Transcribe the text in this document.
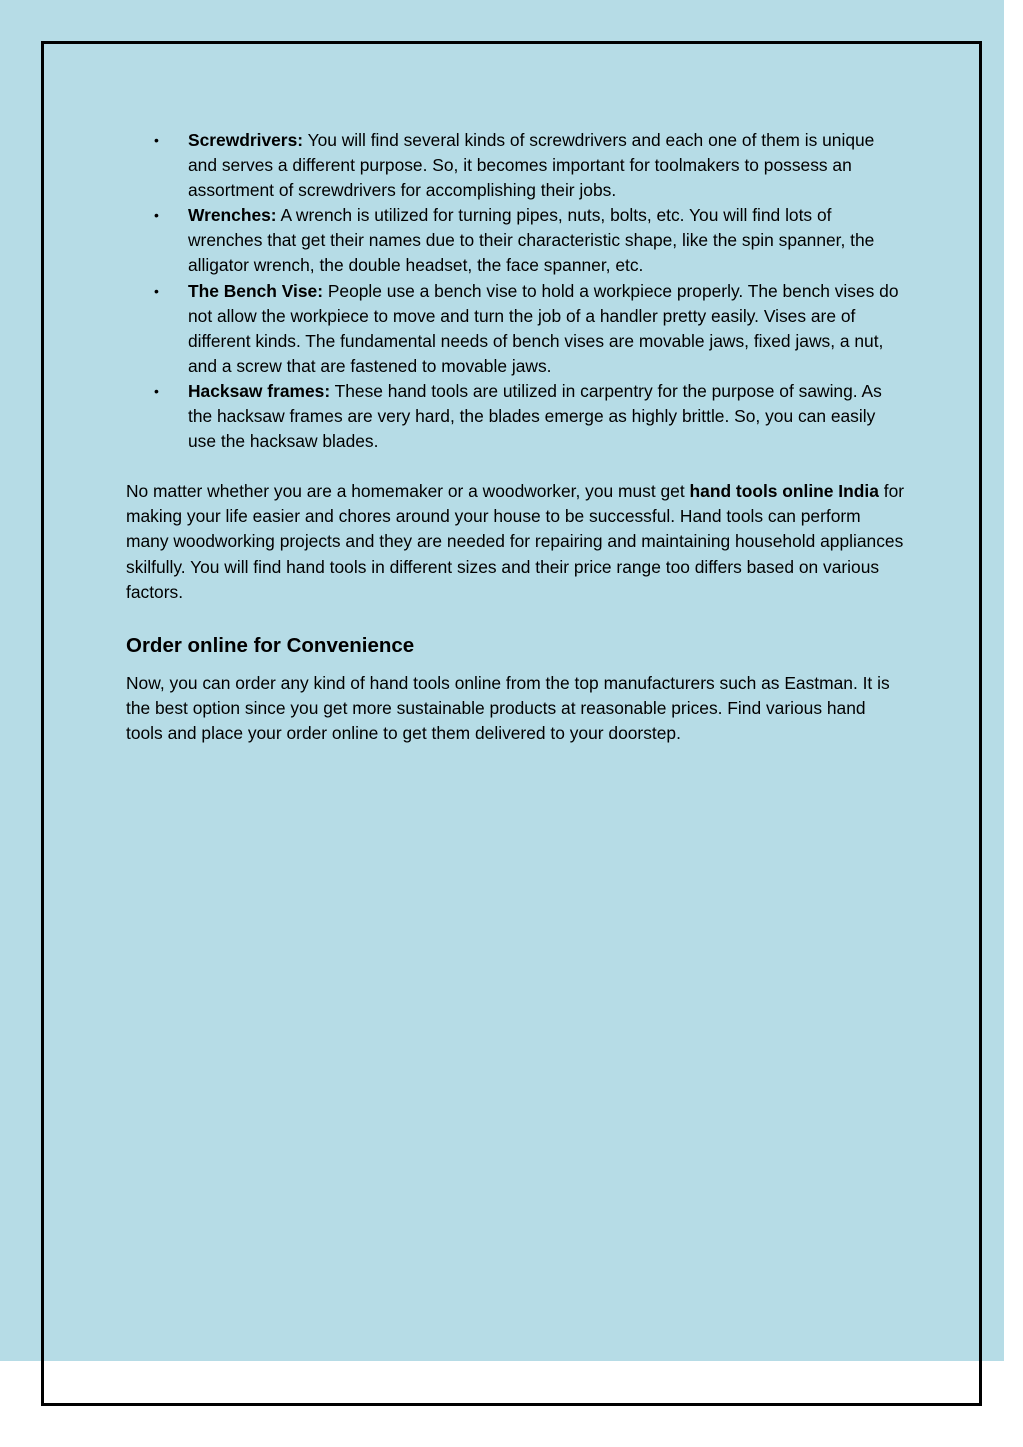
•	Screwdrivers: You will find several kinds of screwdrivers and each one of them is unique and serves a different purpose. So, it becomes important for toolmakers to possess an assortment of screwdrivers for accomplishing their jobs.
•	Wrenches: A wrench is utilized for turning pipes, nuts, bolts, etc. You will find lots of wrenches that get their names due to their characteristic shape, like the spin spanner, the alligator wrench, the double headset, the face spanner, etc.
•	The Bench Vise: People use a bench vise to hold a workpiece properly. The bench vises do not allow the workpiece to move and turn the job of a handler pretty easily. Vises are of different kinds. The fundamental needs of bench vises are movable jaws, fixed jaws, a nut, and a screw that are fastened to movable jaws.
•	Hacksaw frames: These hand tools are utilized in carpentry for the purpose of sawing. As the hacksaw frames are very hard, the blades emerge as highly brittle. So, you can easily use the hacksaw blades.

No matter whether you are a homemaker or a woodworker, you must get hand tools online India for making your life easier and chores around your house to be successful. Hand tools can perform many woodworking projects and they are needed for repairing and maintaining household appliances skilfully. You will find hand tools in different sizes and their price range too differs based on various factors.

Order online for Convenience

Now, you can order any kind of hand tools online from the top manufacturers such as Eastman. It is the best option since you get more sustainable products at reasonable prices. Find various hand tools and place your order online to get them delivered to your doorstep.
